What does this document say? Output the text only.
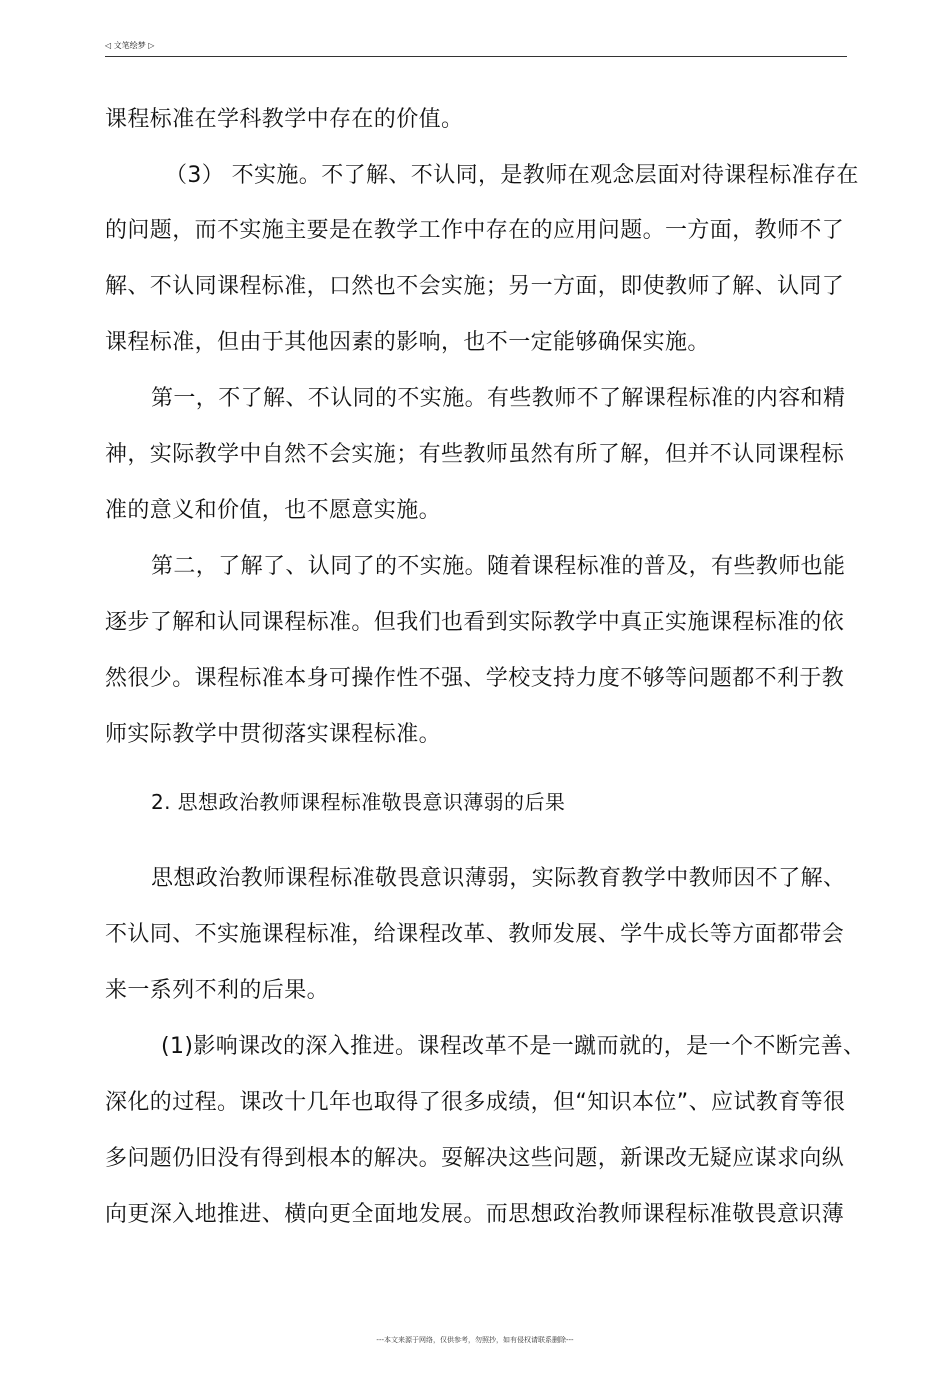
◁ 文笔绘梦 ▷
课程标准在学科教学中存在的价值。
（3） 不实施。不了解、不认同，是教师在观念层面对待课程标准存在
的问题，而不实施主要是在教学工作中存在的应用问题。一方面，教师不了
解、不认同课程标准，口然也不会实施；另一方面，即使教师了解、认同了
课程标准，但由于其他因素的影响，也不一定能够确保实施。
第一，不了解、不认同的不实施。有些教师不了解课程标准的内容和精
神，实际教学中自然不会实施；有些教师虽然有所了解，但并不认同课程标
准的意义和价值，也不愿意实施。
第二，了解了、认同了的不实施。随着课程标准的普及，有些教师也能
逐步了解和认同课程标准。但我们也看到实际教学中真正实施课程标准的依
然很少。课程标准本身可操作性不强、学校支持力度不够等问题都不利于教
师实际教学中贯彻落实课程标准。
2. 思想政治教师课程标准敬畏意识薄弱的后果
思想政治教师课程标准敬畏意识薄弱，实际教育教学中教师因不了解、
不认同、不实施课程标准，给课程改革、教师发展、学牛成长等方面都带会
来一系列不利的后果。
(1)影响课改的深入推进。课程改革不是一蹴而就的，是一个不断完善、
深化的过程。课改十几年也取得了很多成绩，但“知识本位”、应试教育等很
多问题仍旧没有得到根本的解决。耍解决这些问题，新课改无疑应谋求向纵
向更深入地推进、横向更全面地发展。而思想政治教师课程标准敬畏意识薄
---本文来源于网络，仅供参考，勿照抄，如有侵权请联系删除---
